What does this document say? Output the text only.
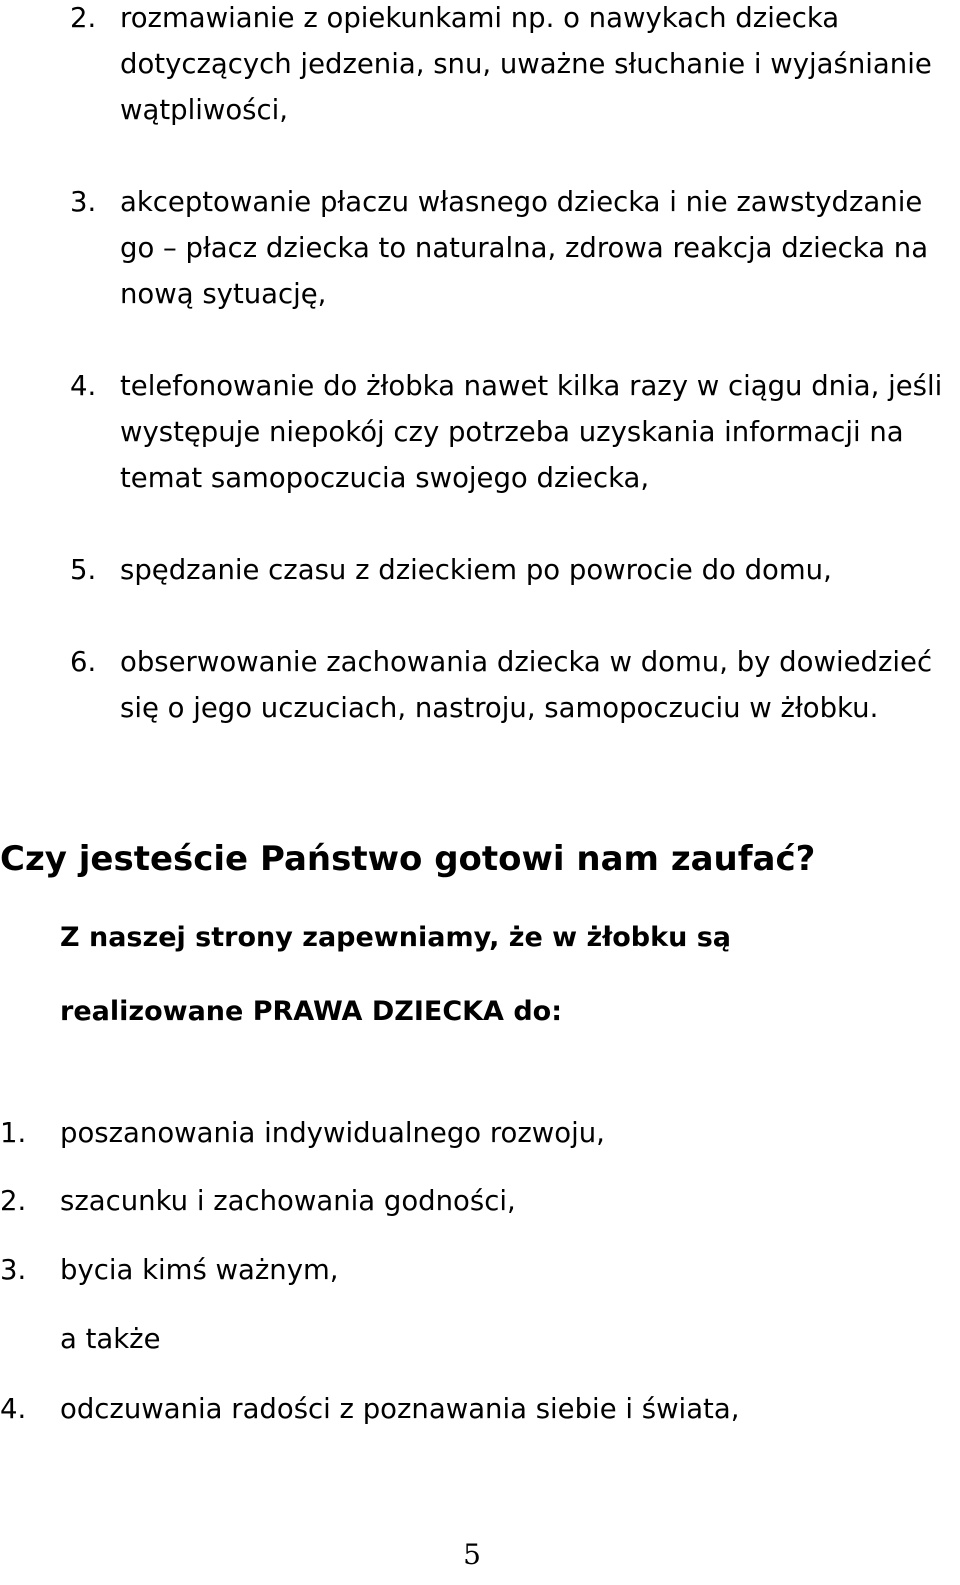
2. rozmawianie z opiekunkami np. o nawykach dziecka dotyczących jedzenia, snu, uważne słuchanie i wyjaśnianie wątpliwości,
3. akceptowanie płaczu własnego dziecka i nie zawstydzanie go – płacz dziecka to naturalna, zdrowa reakcja dziecka na nową sytuację,
4. telefonowanie do żłobka nawet kilka razy w ciągu dnia, jeśli występuje niepokój czy potrzeba uzyskania informacji na temat samopoczucia swojego dziecka,
5. spędzanie czasu z dzieckiem po powrocie do domu,
6. obserwowanie zachowania dziecka w domu, by dowiedzieć się o jego uczuciach, nastroju, samopoczuciu w żłobku.
Czy jesteście Państwo gotowi nam zaufać?
Z naszej strony zapewniamy, że w żłobku są
realizowane PRAWA DZIECKA do:
1. poszanowania indywidualnego rozwoju,
2. szacunku i zachowania godności,
3. bycia kimś ważnym,
a także
4. odczuwania radości z poznawania siebie i świata,
5
